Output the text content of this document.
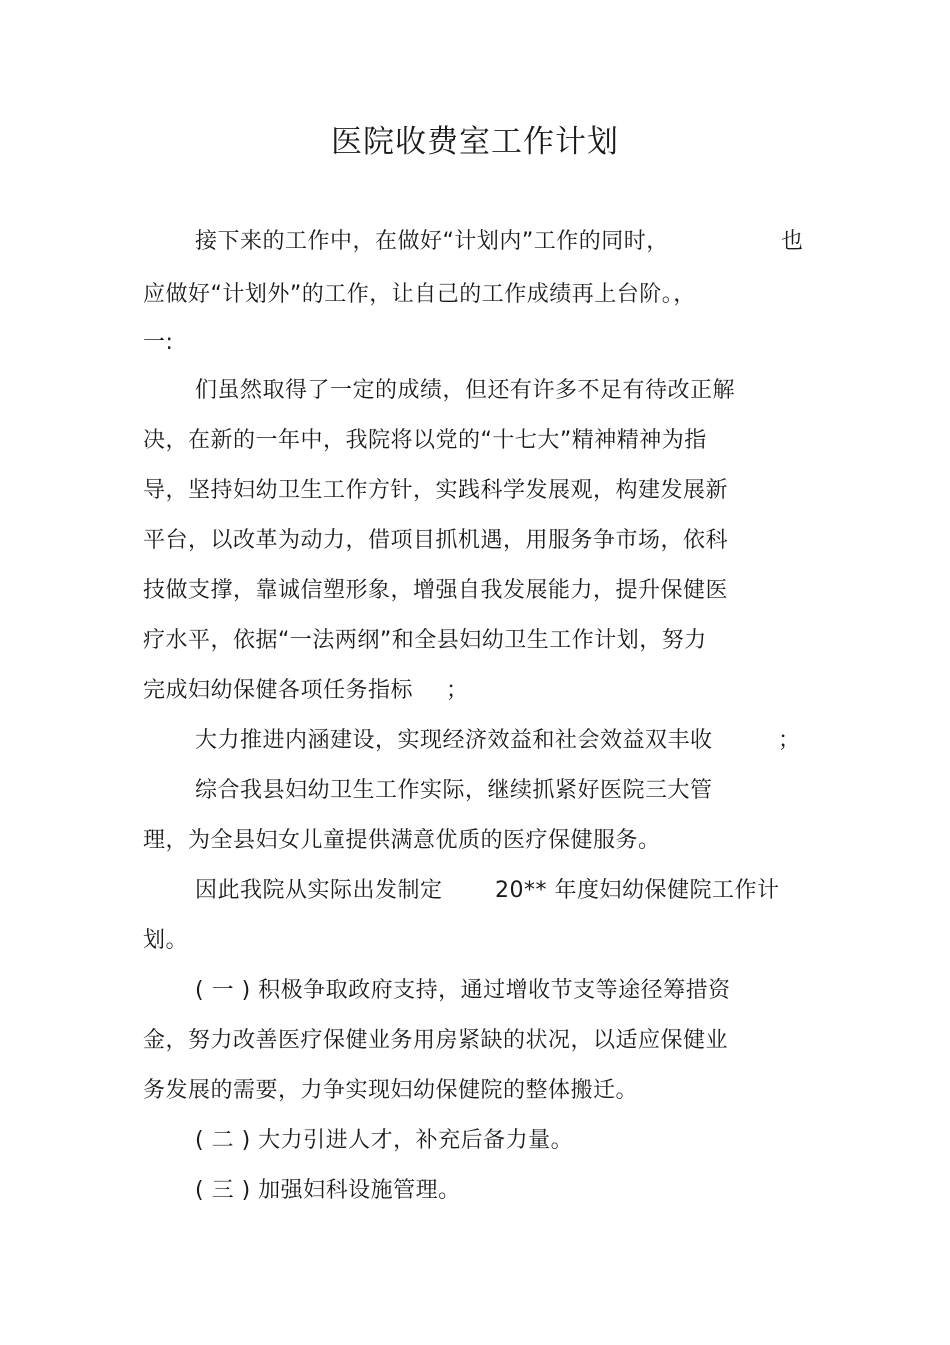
医院收费室工作计划
接下来的工作中，在做好“计划内”工作的同时，	也
应做好“计划外”的工作，让自己的工作成绩再上台阶。，
一:
们虽然取得了一定的成绩，但还有许多不足有待改正解
决，在新的一年中，我院将以党的“十七大”精神精神为指
导，坚持妇幼卫生工作方针，实践科学发展观，构建发展新
平台，以改革为动力，借项目抓机遇，用服务争市场，依科
技做支撑，靠诚信塑形象，增强自我发展能力，提升保健医
疗水平，依据“一法两纲”和全县妇幼卫生工作计划，努力
完成妇幼保健各项任务指标 ；
大力推进内涵建设，实现经济效益和社会效益双丰收	；
综合我县妇幼卫生工作实际，继续抓紧好医院三大管
理，为全县妇女儿童提供满意优质的医疗保健服务。
因此我院从实际出发制定 20** 年度妇幼保健院工作计
划。
( 一 ) 积极争取政府支持，通过增收节支等途径筹措资
金，努力改善医疗保健业务用房紧缺的状况，以适应保健业
务发展的需要，力争实现妇幼保健院的整体搬迁。
( 二 ) 大力引进人才，补充后备力量。
( 三 ) 加强妇科设施管理。
